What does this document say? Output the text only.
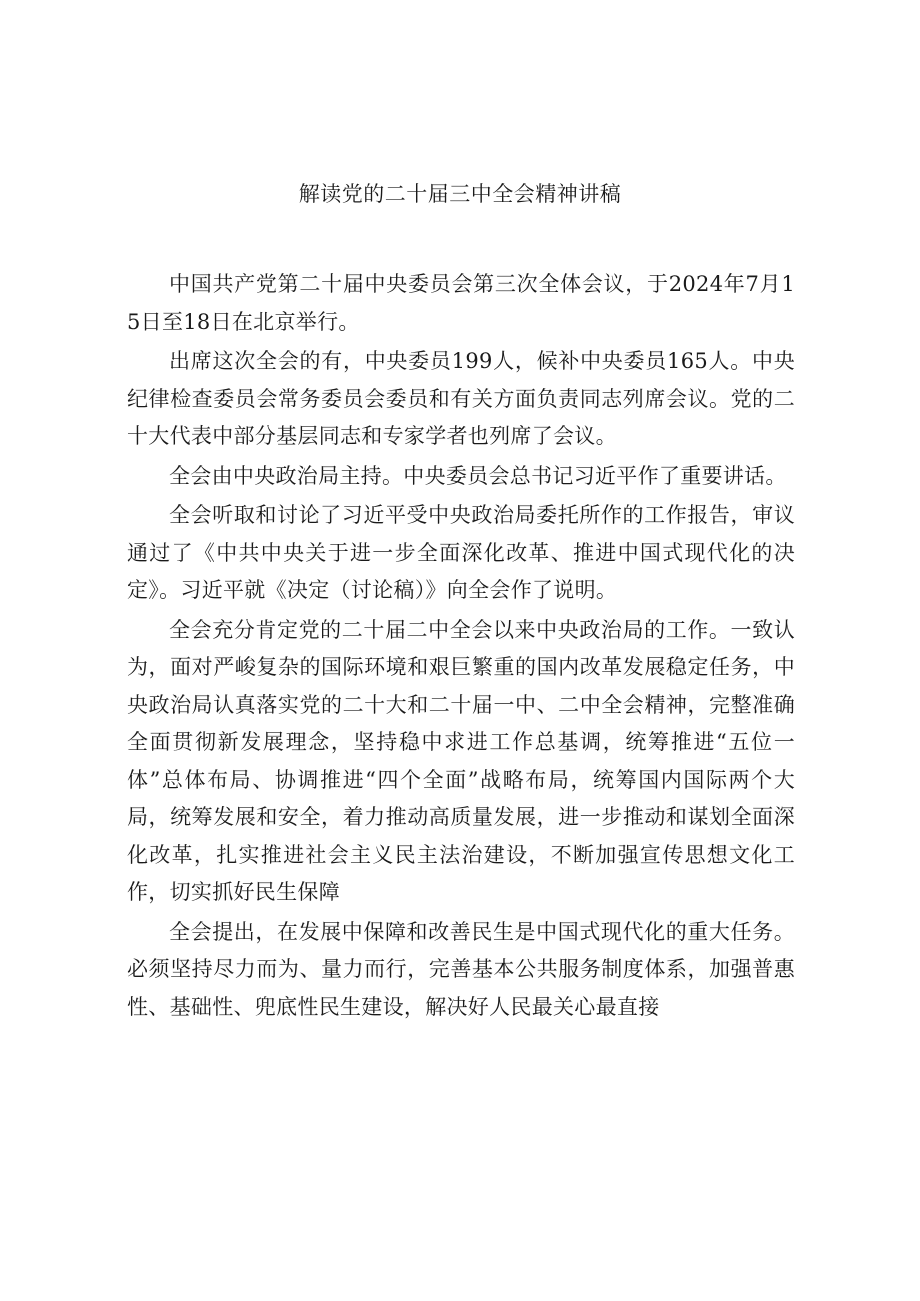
解读党的二十届三中全会精神讲稿

中国共产党第二十届中央委员会第三次全体会议，于2024年7月15日至18日在北京举行。

出席这次全会的有，中央委员199人，候补中央委员165人。中央纪律检查委员会常务委员会委员和有关方面负责同志列席会议。党的二十大代表中部分基层同志和专家学者也列席了会议。

全会由中央政治局主持。中央委员会总书记习近平作了重要讲话。

全会听取和讨论了习近平受中央政治局委托所作的工作报告，审议通过了《中共中央关于进一步全面深化改革、推进中国式现代化的决定》。习近平就《决定（讨论稿）》向全会作了说明。

全会充分肯定党的二十届二中全会以来中央政治局的工作。一致认为，面对严峻复杂的国际环境和艰巨繁重的国内改革发展稳定任务，中央政治局认真落实党的二十大和二十届一中、二中全会精神，完整准确全面贯彻新发展理念，坚持稳中求进工作总基调，统筹推进“五位一体”总体布局、协调推进“四个全面”战略布局，统筹国内国际两个大局，统筹发展和安全，着力推动高质量发展，进一步推动和谋划全面深化改革，扎实推进社会主义民主法治建设，不断加强宣传思想文化工作，切实抓好民生保障

全会提出，在发展中保障和改善民生是中国式现代化的重大任务。必须坚持尽力而为、量力而行，完善基本公共服务制度体系，加强普惠性、基础性、兜底性民生建设，解决好人民最关心最直接
